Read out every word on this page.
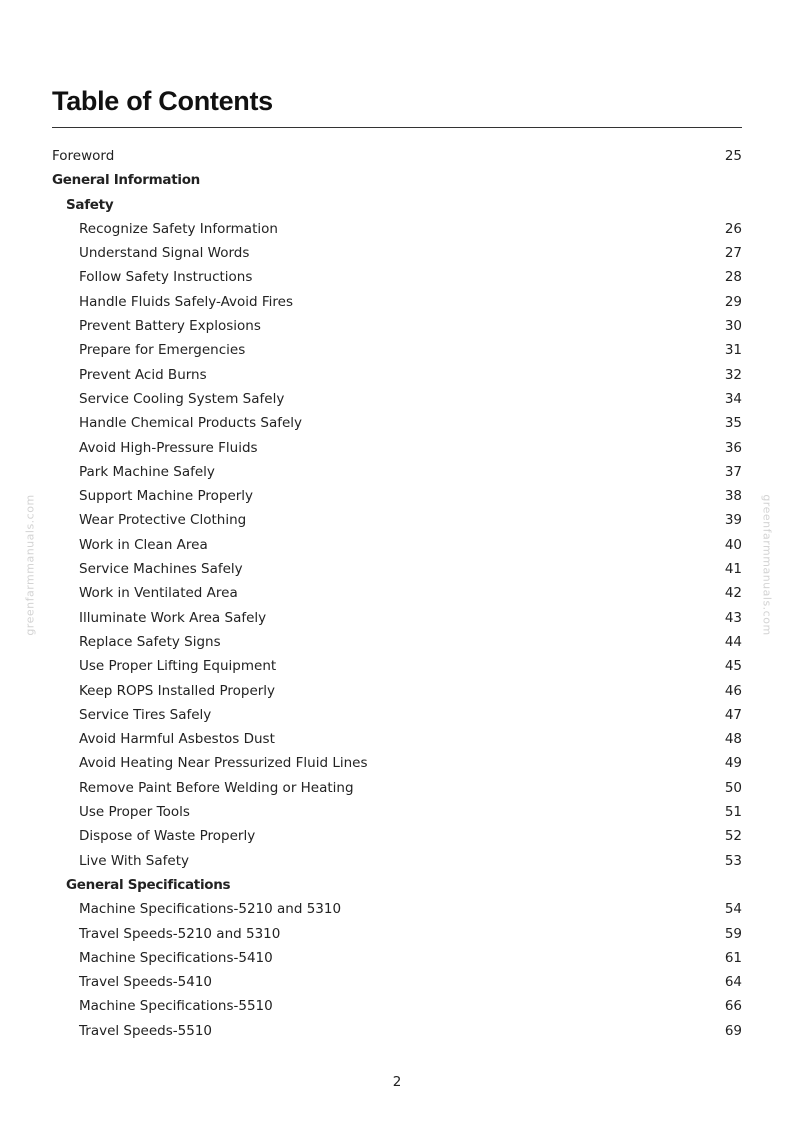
Table of Contents
greenfarmmanuals.com	greenfarmmanuals.com
Foreword	25
General Information
Safety
Recognize Safety Information	26
Understand Signal Words	27
Follow Safety Instructions	28
Handle Fluids Safely-Avoid Fires	29
Prevent Battery Explosions	30
Prepare for Emergencies	31
Prevent Acid Burns	32
Service Cooling System Safely	34
Handle Chemical Products Safely	35
Avoid High-Pressure Fluids	36
Park Machine Safely	37
Support Machine Properly	38
Wear Protective Clothing	39
Work in Clean Area	40
Service Machines Safely	41
Work in Ventilated Area	42
Illuminate Work Area Safely	43
Replace Safety Signs	44
Use Proper Lifting Equipment	45
Keep ROPS Installed Properly	46
Service Tires Safely	47
Avoid Harmful Asbestos Dust	48
Avoid Heating Near Pressurized Fluid Lines	49
Remove Paint Before Welding or Heating	50
Use Proper Tools	51
Dispose of Waste Properly	52
Live With Safety	53
General Specifications
Machine Specifications-5210 and 5310	54
Travel Speeds-5210 and 5310	59
Machine Specifications-5410	61
Travel Speeds-5410	64
Machine Specifications-5510	66
Travel Speeds-5510	69
2
